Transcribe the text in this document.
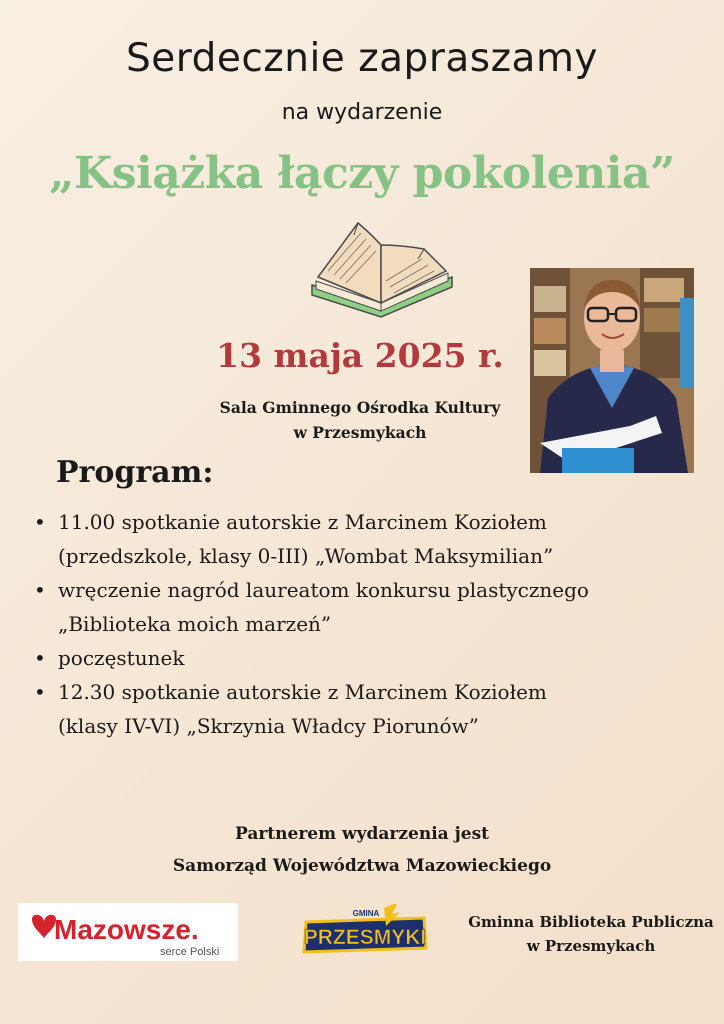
Serdecznie zapraszamy
na wydarzenie
„Książka łączy pokolenia”
13 maja 2025 r.
Sala Gminnego Ośrodka Kultury
w Przesmykach
Program:
• 11.00 spotkanie autorskie z Marcinem Koziołem
(przedszkole, klasy 0-III) „Wombat Maksymilian”
• wręczenie nagród laureatom konkursu plastycznego
„Biblioteka moich marzeń”
• poczęstunek
• 12.30 spotkanie autorskie z Marcinem Koziołem
(klasy IV-VI) „Skrzynia Władcy Piorunów”
Partnerem wydarzenia jest
Samorząd Województwa Mazowieckiego
Mazowsze.
serce Polski
PRZESMYKI
GMINA	Gminna Biblioteka Publiczna
w Przesmykach
